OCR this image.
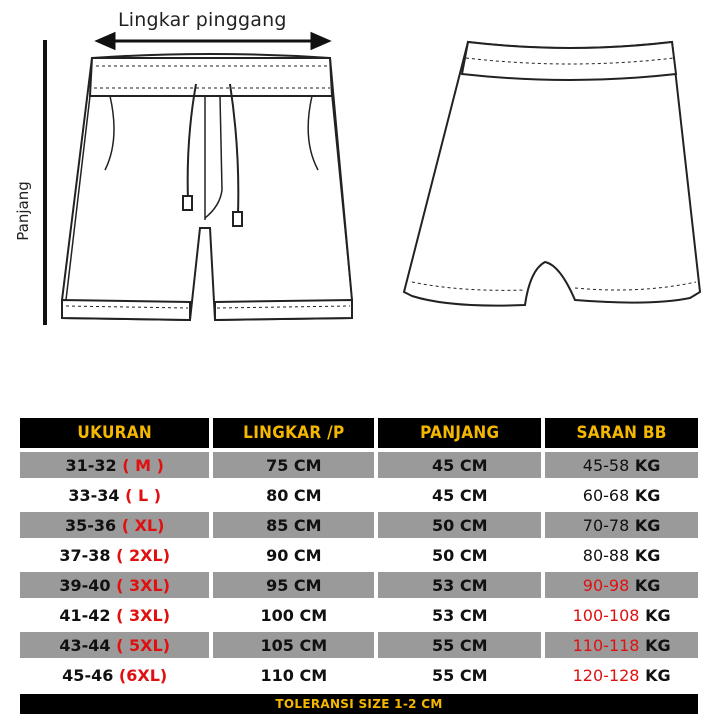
Lingkar pinggang
Panjang
UKURAN	LINGKAR /P	PANJANG	SARAN BB
31-32 ( M )	75 CM	45 CM	45-58 KG
33-34 ( L )	80 CM	45 CM	60-68 KG
35-36 ( XL)	85 CM	50 CM	70-78 KG
37-38 ( 2XL)	90 CM	50 CM	80-88 KG
39-40 ( 3XL)	95 CM	53 CM	90-98 KG
41-42 ( 3XL)	100 CM	53 CM	100-108 KG
43-44 ( 5XL)	105 CM	55 CM	110-118 KG
45-46 (6XL)	110 CM	55 CM	120-128 KG
TOLERANSI SIZE 1-2 CM
